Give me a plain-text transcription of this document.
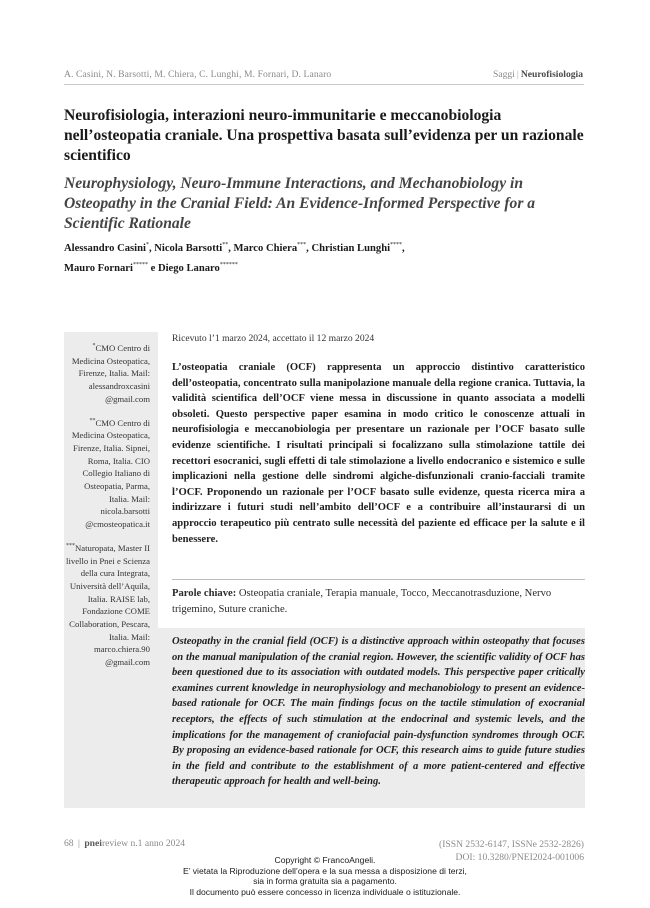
A. Casini, N. Barsotti, M. Chiera, C. Lunghi, M. Fornari, D. Lanaro	Saggi | Neurofisiologia
Neurofisiologia, interazioni neuro-immunitarie e meccanobiologia nell’osteopatia craniale. Una prospettiva basata sull’evidenza per un razionale scientifico
Neurophysiology, Neuro-Immune Interactions, and Mechanobiology in Osteopathy in the Cranial Field: An Evidence-Informed Perspective for a Scientific Rationale
Alessandro Casini*, Nicola Barsotti**, Marco Chiera***, Christian Lunghi****,
Mauro Fornari***** e Diego Lanaro******

*CMO Centro di Medicina Osteopatica, Firenze, Italia. Mail: alessandroxcasini @gmail.com

**CMO Centro di Medicina Osteopatica, Firenze, Italia. Sipnei, Roma, Italia. CIO Collegio Italiano di Osteopatia, Parma, Italia. Mail: nicola.barsotti @cmosteopatica.it

***Naturopata, Master II livello in Pnei e Scienza della cura Integrata, Università dell’Aquila, Italia. RAISE lab, Fondazione COME Collaboration, Pescara, Italia. Mail: marco.chiera.90 @gmail.com

Ricevuto l’1 marzo 2024, accettato il 12 marzo 2024
L’osteopatia craniale (OCF) rappresenta un approccio distintivo caratteristico dell’osteopatia, concentrato sulla manipolazione manuale della regione cranica. Tuttavia, la validità scientifica dell’OCF viene messa in discussione in quanto associata a modelli obsoleti. Questo perspective paper esamina in modo critico le conoscenze attuali in neurofisiologia e meccanobiologia per presentare un razionale per l’OCF basato sulle evidenze scientifiche. I risultati principali si focalizzano sulla stimolazione tattile dei recettori esocranici, sugli effetti di tale stimolazione a livello endocranico e sistemico e sulle implicazioni nella gestione delle sindromi algiche-disfunzionali cranio-facciali tramite l’OCF. Proponendo un razionale per l’OCF basato sulle evidenze, questa ricerca mira a indirizzare i futuri studi nell’ambito dell’OCF e a contribuire all’instaurarsi di un approccio terapeutico più centrato sulle necessità del paziente ed efficace per la salute e il benessere.
Parole chiave: Osteopatia craniale, Terapia manuale, Tocco, Meccanotrasduzione, Nervo trigemino, Suture craniche.
Osteopathy in the cranial field (OCF) is a distinctive approach within osteopathy that focuses on the manual manipulation of the cranial region. However, the scientific validity of OCF has been questioned due to its association with outdated models. This perspective paper critically examines current knowledge in neurophysiology and mechanobiology to present an evidence-based rationale for OCF. The main findings focus on the tactile stimulation of exocranial receptors, the effects of such stimulation at the endocrinal and systemic levels, and the implications for the management of craniofacial pain-dysfunction syndromes through OCF. By proposing an evidence-based rationale for OCF, this research aims to guide future studies in the field and contribute to the establishment of a more patient-centered and effective therapeutic approach for health and well-being.
68 | pneireview n.1 anno 2024	(ISSN 2532-6147, ISSNe 2532-2826)
DOI: 10.3280/PNEI2024-001006
Copyright © FrancoAngeli.
E’ vietata la Riproduzione dell’opera e la sua messa a disposizione di terzi,
sia in forma gratuita sia a pagamento.
Il documento può essere concesso in licenza individuale o istituzionale.
